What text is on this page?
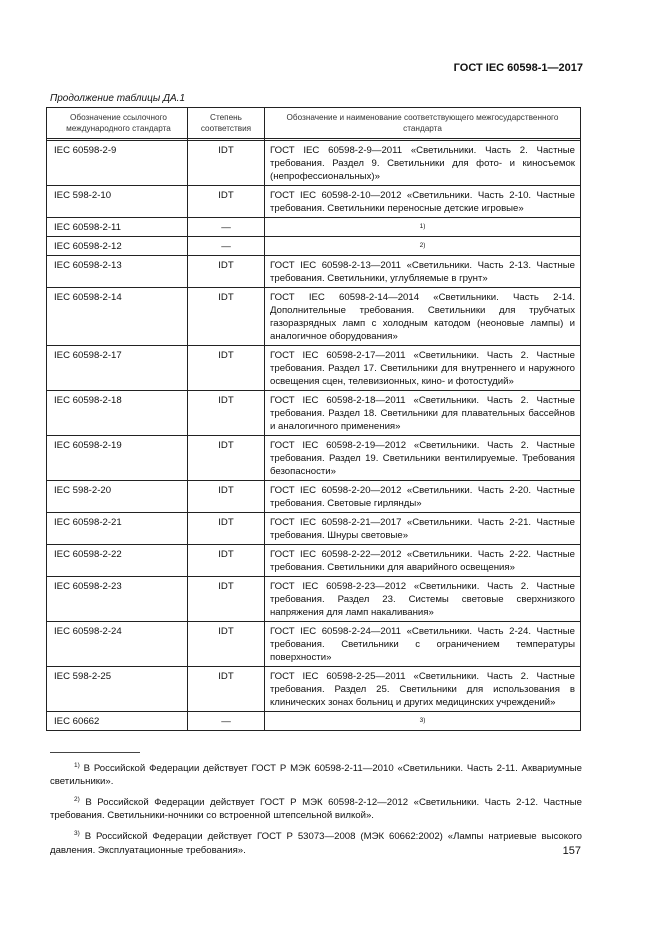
ГОСТ IEC 60598-1—2017
Продолжение таблицы ДА.1
Обозначение ссылочного международного стандарта	Степень соответствия	Обозначение и наименование соответствующего межгосударственного стандарта

IEC 60598-2-9	IDT	ГОСТ IEC 60598-2-9—2011 «Светильники. Часть 2. Частные требования. Раздел 9. Светильники для фото- и киносъемок (непрофессиональных)»
IEC 598-2-10	IDT	ГОСТ IEC 60598-2-10—2012 «Светильники. Часть 2-10. Частные требования. Светильники переносные детские игровые»
IEC 60598-2-11	—	1)
IEC 60598-2-12	—	2)
IEC 60598-2-13	IDT	ГОСТ IEC 60598-2-13—2011 «Светильники. Часть 2-13. Частные требования. Светильники, углубляемые в грунт»
IEC 60598-2-14	IDT	ГОСТ IEC 60598-2-14—2014 «Светильники. Часть 2-14. Дополнительные требования. Светильники для трубчатых газоразрядных ламп с холодным катодом (неоновые лампы) и аналогичное оборудования»
IEC 60598-2-17	IDT	ГОСТ IEC 60598-2-17—2011 «Светильники. Часть 2. Частные требования. Раздел 17. Светильники для внутреннего и наружного освещения сцен, телевизионных, кино- и фотостудий»
IEC 60598-2-18	IDT	ГОСТ IEC 60598-2-18—2011 «Светильники. Часть 2. Частные требования. Раздел 18. Светильники для плавательных бассейнов и аналогичного применения»
IEC 60598-2-19	IDT	ГОСТ IEC 60598-2-19—2012 «Светильники. Часть 2. Частные требования. Раздел 19. Светильники вентилируемые. Требования безопасности»
IEC 598-2-20	IDT	ГОСТ IEC 60598-2-20—2012 «Светильники. Часть 2-20. Частные требования. Световые гирлянды»
IEC 60598-2-21	IDT	ГОСТ IEC 60598-2-21—2017 «Светильники. Часть 2-21. Частные требования. Шнуры световые»
IEC 60598-2-22	IDT	ГОСТ IEC 60598-2-22—2012 «Светильники. Часть 2-22. Частные требования. Светильники для аварийного освещения»
IEC 60598-2-23	IDT	ГОСТ IEC 60598-2-23—2012 «Светильники. Часть 2. Частные требования. Раздел 23. Системы световые сверхнизкого напряжения для ламп накаливания»
IEC 60598-2-24	IDT	ГОСТ IEC 60598-2-24—2011 «Светильники. Часть 2-24. Частные требования. Светильники с ограничением температуры поверхности»
IEC 598-2-25	IDT	ГОСТ IEC 60598-2-25—2011 «Светильники. Часть 2. Частные требования. Раздел 25. Светильники для использования в клинических зонах больниц и других медицинских учреждений»
IEC 60662	—	3)

$^{1)}$ В Российской Федерации действует ГОСТ Р МЭК 60598-2-11—2010 «Светильники. Часть 2-11. Аквариумные светильники».

$^{2)}$ В Российской Федерации действует ГОСТ Р МЭК 60598-2-12—2012 «Светильники. Часть 2-12. Частные требования. Светильники-ночники со встроенной штепсельной вилкой».

$^{3)}$ В Российской Федерации действует ГОСТ Р 53073—2008 (МЭК 60662:2002) «Лампы натриевые высокого давления. Эксплуатационные требования».	157
